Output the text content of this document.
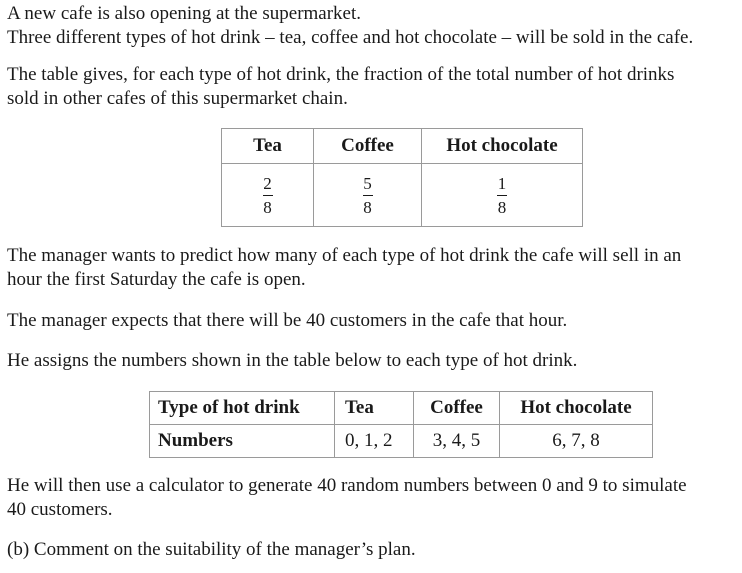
A new cafe is also opening at the supermarket.
Three different types of hot drink – tea, coffee and hot chocolate – will be sold in the cafe.

The table gives, for each type of hot drink, the fraction of the total number of hot drinks
sold in other cafes of this supermarket chain.

Tea	Coffee	Hot chocolate

$\frac{2}{8}$	$\frac{5}{8}$	$\frac{1}{8}$

The manager wants to predict how many of each type of hot drink the cafe will sell in an
hour the first Saturday the cafe is open.

The manager expects that there will be 40 customers in the cafe that hour.

He assigns the numbers shown in the table below to each type of hot drink.

Type of hot drink	Tea	Coffee	Hot chocolate
Numbers	0, 1, 2	3, 4, 5	6, 7, 8

He will then use a calculator to generate 40 random numbers between 0 and 9 to simulate
40 customers.

(b) Comment on the suitability of the manager’s plan.
